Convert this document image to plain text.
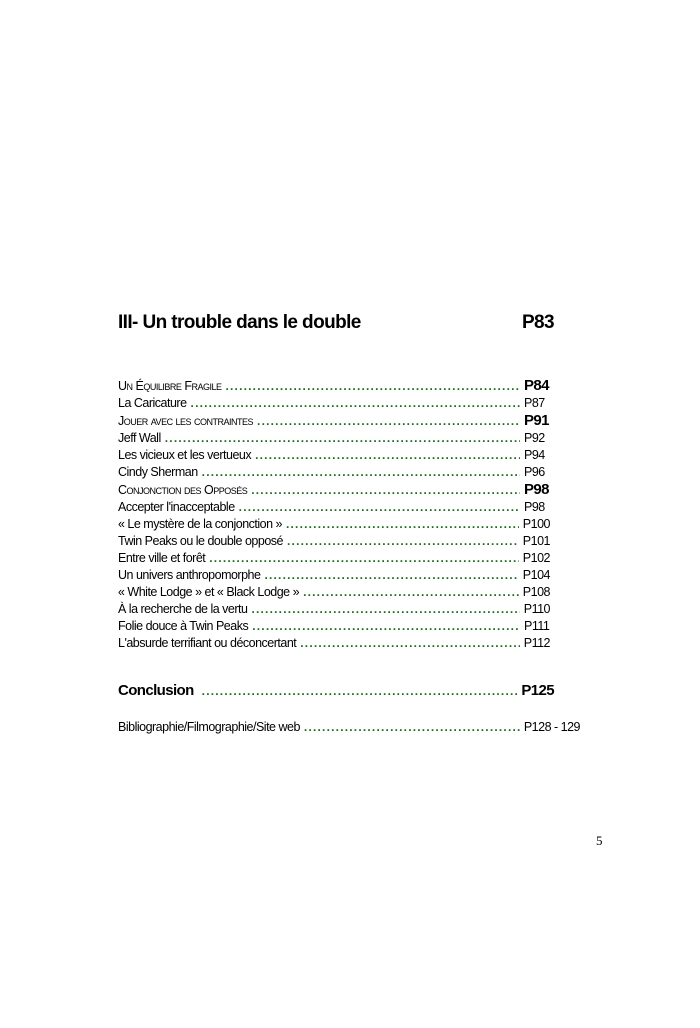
III- Un trouble dans le double	P83
Un Équilibre Fragile .....	P84
La Caricature .....	P87
Jouer avec les contraintes .....	P91
Jeff Wall .....	P92
Les vicieux et les vertueux .....	P94
Cindy Sherman .....	P96
Conjonction des Opposés .....	P98
Accepter l'inacceptable .....	P98
« Le mystère de la conjonction » .....	P100
Twin Peaks ou le double opposé .....	P101
Entre ville et forêt .....	P102
Un univers anthropomorphe .....	P104
« White Lodge » et « Black Lodge » .....	P108
À la recherche de la vertu .....	P110
Folie douce à Twin Peaks .....	P111
L'absurde terrifiant ou déconcertant .....	P112
Conclusion .....	P125
Bibliographie/Filmographie/Site web .....	P128 - 129
5
